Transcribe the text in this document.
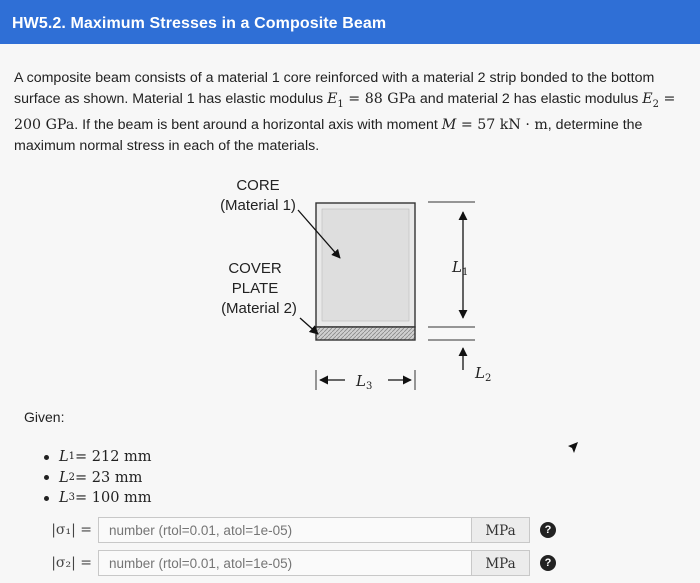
HW5.2. Maximum Stresses in a Composite Beam
A composite beam consists of a material 1 core reinforced with a material 2 strip bonded to the bottom surface as shown. Material 1 has elastic modulus $E_1 = 88$ GPa and material 2 has elastic modulus $E_2 = 200$ GPa. If the beam is bent around a horizontal axis with moment M = 57 kN · m, determine the maximum normal stress in each of the materials.
CORE
(Material 1)
COVER
PLATE
(Material 2)
$L_1$
$L_2$
$L_3$
Given:
L 1 = 212 mm
L 2 = 23 mm
L 3 = 100 mm
|σ₁| =
number (rtol=0.01, atol=1e-05)	MPa	?
|σ₂| =
number (rtol=0.01, atol=1e-05)	MPa	?
